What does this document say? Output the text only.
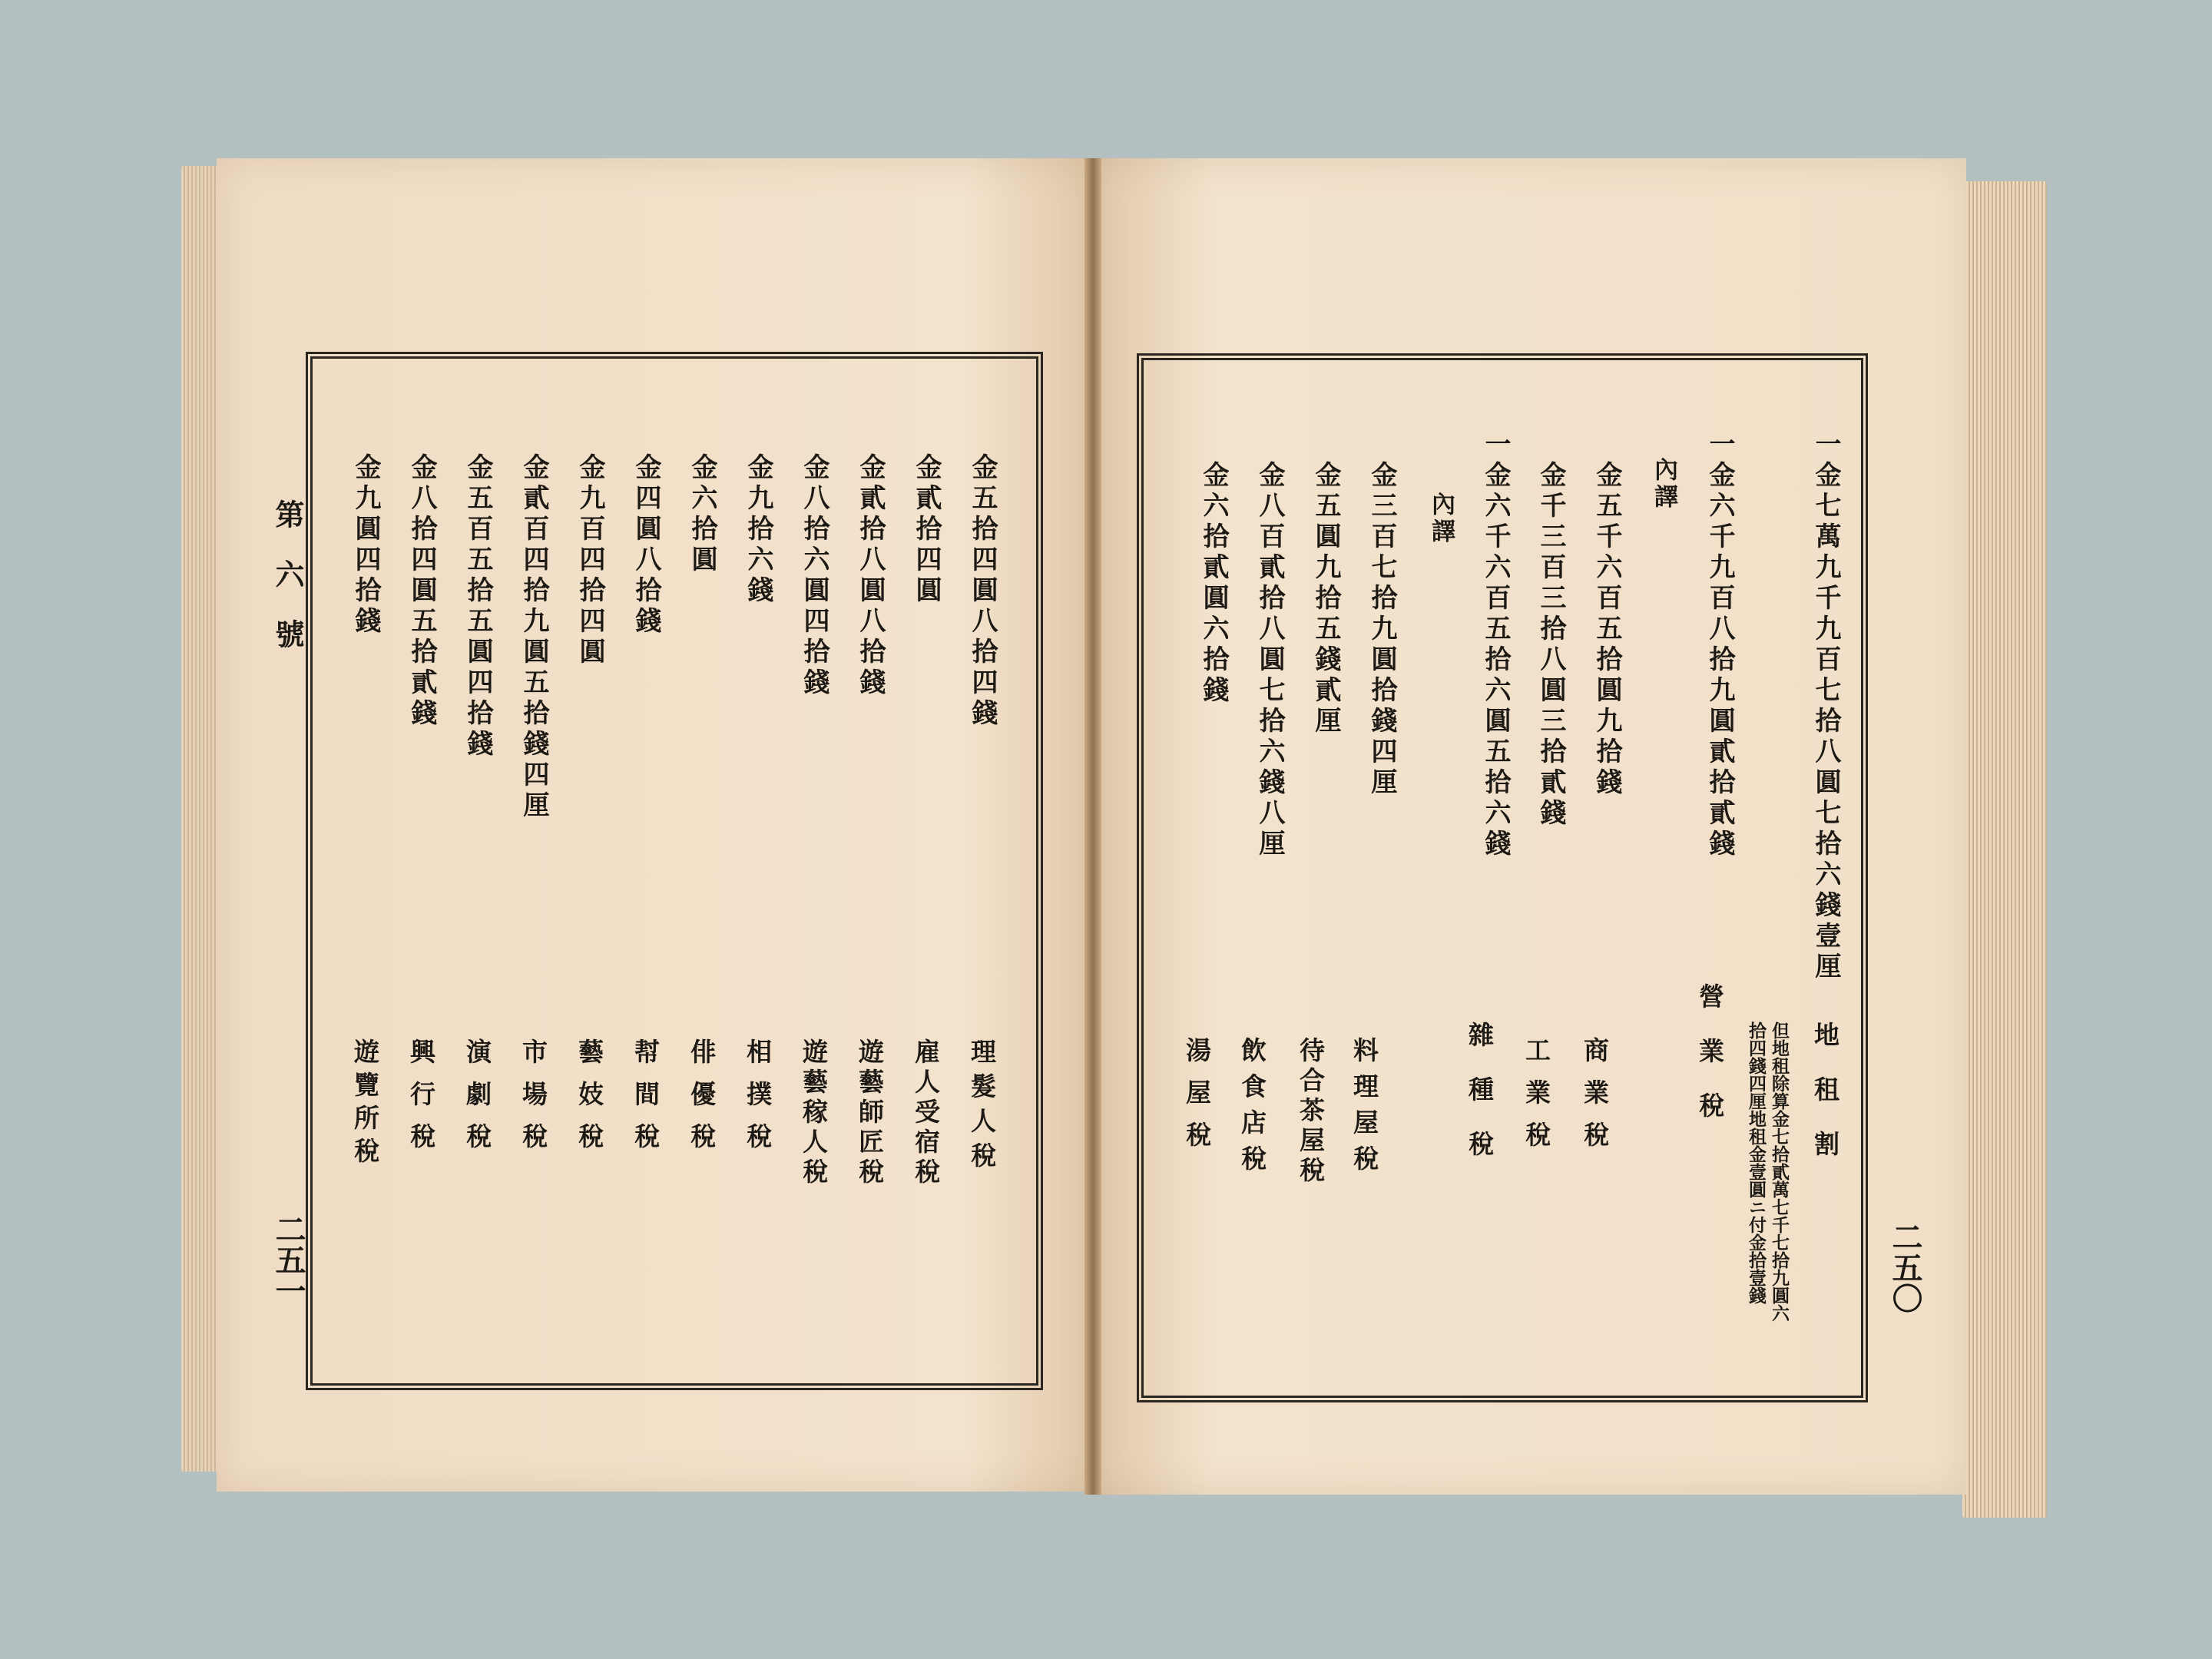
第六號
二五一
金五拾四圓八拾四錢
理髮人稅
金貳拾四圓
雇人受宿稅
金貳拾八圓八拾錢
遊藝師匠稅
金八拾六圓四拾錢
遊藝稼人稅
金九拾六錢
相撲稅
金六拾圓
俳優稅
金四圓八拾錢
幇間稅
金九百四拾四圓
藝妓稅
金貳百四拾九圓五拾錢四厘
市場稅
金五百五拾五圓四拾錢
演劇稅
金八拾四圓五拾貳錢
興行稅
金九圓四拾錢
遊覽所稅
二五〇
一金七萬九千九百七拾八圓七拾六錢壹厘
地租割
但地租除算金七拾貳萬七千七拾九圓六
拾四錢四厘地租金壹圓ニ付金拾壹錢
一金六千九百八拾九圓貳拾貳錢
營業稅
內譯
金五千六百五拾圓九拾錢
商業稅
金千三百三拾八圓三拾貳錢
工業稅
一金六千六百五拾六圓五拾六錢
雜種稅
內譯
金三百七拾九圓拾錢四厘
料理屋稅
金五圓九拾五錢貳厘
待合茶屋稅
金八百貳拾八圓七拾六錢八厘
飲食店稅
金六拾貳圓六拾錢
湯屋稅
